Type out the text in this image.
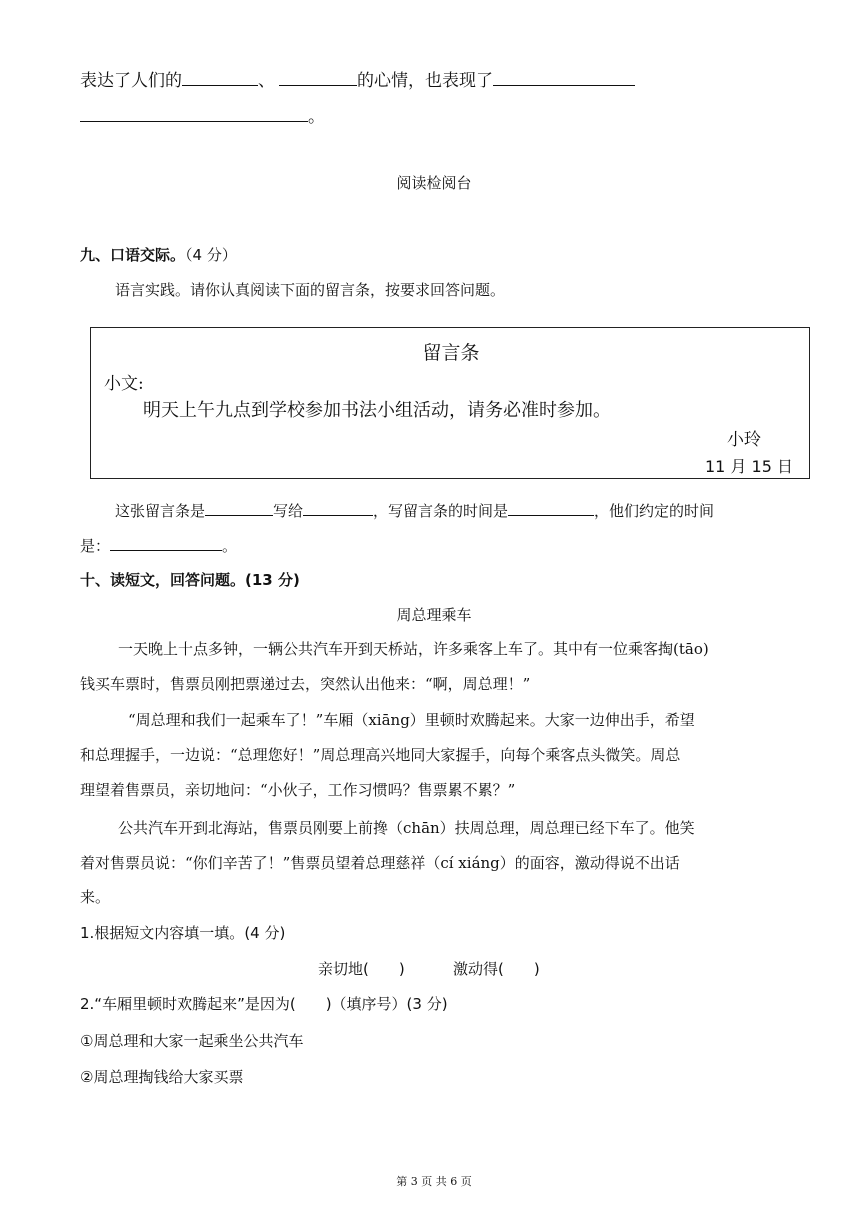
表达了人们的	、	的心情，也表现了
。
阅读检阅台
九、口语交际。（4 分）
语言实践。请你认真阅读下面的留言条，按要求回答问题。
留言条
小文:
明天上午九点到学校参加书法小组活动，请务必准时参加。
小玲
11 月 15 日
这张留言条是	写给	，写留言条的时间是	，他们约定的时间
是：	。
十、读短文，回答问题。(13 分)
周总理乘车
一天晚上十点多钟，一辆公共汽车开到天桥站，许多乘客上车了。其中有一位乘客掏(tāo)
钱买车票时，售票员刚把票递过去，突然认出他来：“啊，周总理！”
“周总理和我们一起乘车了！”车厢（xiāng）里顿时欢腾起来。大家一边伸出手，希望
和总理握手，一边说：“总理您好！”周总理高兴地同大家握手，向每个乘客点头微笑。周总
理望着售票员，亲切地问：“小伙子，工作习惯吗？售票累不累？”
公共汽车开到北海站，售票员刚要上前搀（chān）扶周总理，周总理已经下车了。他笑
着对售票员说：“你们辛苦了！”售票员望着总理慈祥（cí xiáng）的面容，激动得说不出话
来。
1.根据短文内容填一填。(4 分)
亲切地(　　)	激动得(　　)
2.“车厢里顿时欢腾起来”是因为(　　)（填序号）(3 分)
①周总理和大家一起乘坐公共汽车
②周总理掏钱给大家买票
第 3 页 共 6 页
